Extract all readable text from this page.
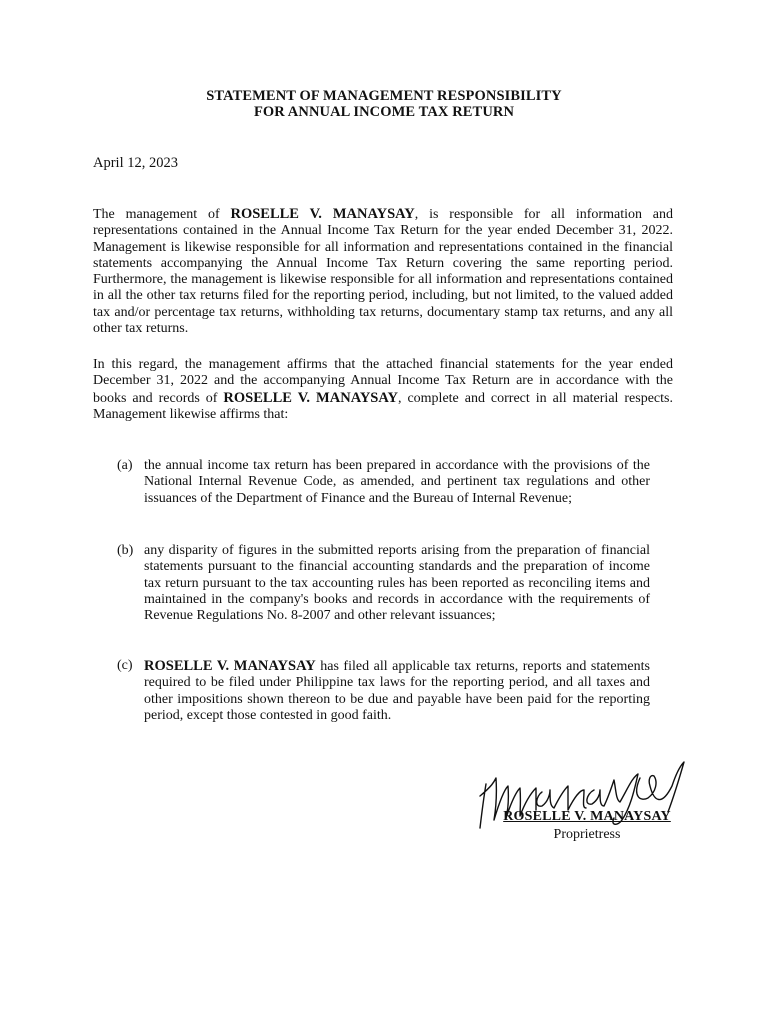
STATEMENT OF MANAGEMENT RESPONSIBILITY
FOR ANNUAL INCOME TAX RETURN
April 12, 2023

The management of ROSELLE V. MANAYSAY, is responsible for all information and representations contained in the Annual Income Tax Return for the year ended December 31, 2022. Management is likewise responsible for all information and representations contained in the financial statements accompanying the Annual Income Tax Return covering the same reporting period. Furthermore, the management is likewise responsible for all information and representations contained in all the other tax returns filed for the reporting period, including, but not limited, to the valued added tax and/or percentage tax returns, withholding tax returns, documentary stamp tax returns, and any all other tax returns.

In this regard, the management affirms that the attached financial statements for the year ended December 31, 2022 and the accompanying Annual Income Tax Return are in accordance with the books and records of ROSELLE V. MANAYSAY, complete and correct in all material respects. Management likewise affirms that:

(a) the annual income tax return has been prepared in accordance with the provisions of the National Internal Revenue Code, as amended, and pertinent tax regulations and other issuances of the Department of Finance and the Bureau of Internal Revenue;
(b) any disparity of figures in the submitted reports arising from the preparation of financial statements pursuant to the financial accounting standards and the preparation of income tax return pursuant to the tax accounting rules has been reported as reconciling items and maintained in the company's books and records in accordance with the requirements of Revenue Regulations No. 8-2007 and other relevant issuances;
(c) ROSELLE V. MANAYSAY has filed all applicable tax returns, reports and statements required to be filed under Philippine tax laws for the reporting period, and all taxes and other impositions shown thereon to be due and payable have been paid for the reporting period, except those contested in good faith.
ROSELLE V. MANAYSAY
Proprietress
